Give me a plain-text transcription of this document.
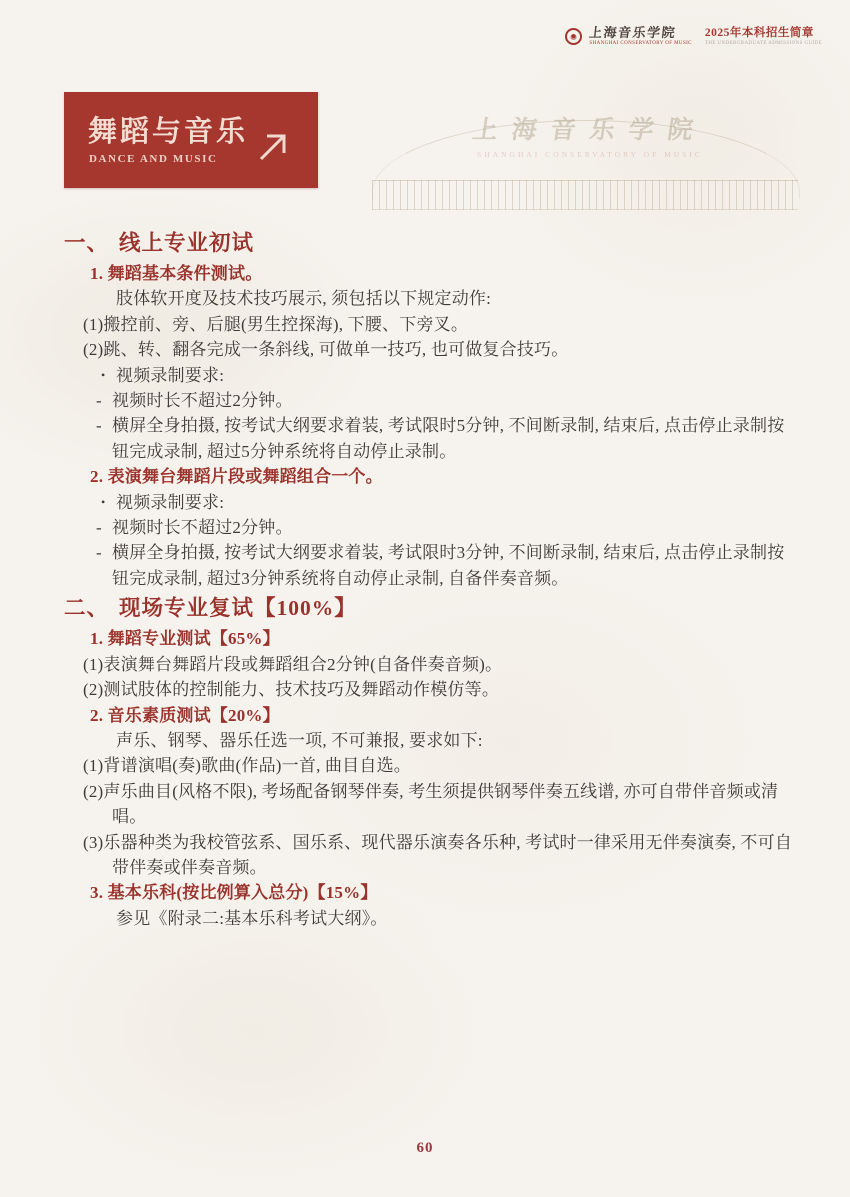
上海音乐学院
SHANGHAI CONSERVATORY OF MUSIC
2025年本科招生简章
THE UNDERGRADUATE ADMISSIONS GUIDE
上海音乐学院
SHANGHAI CONSERVATORY OF MUSIC
舞蹈与音乐
DANCE AND MUSIC
一、 线上专业初试
1. 舞蹈基本条件测试。
肢体软开度及技术技巧展示, 须包括以下规定动作:
(1)搬控前、旁、后腿(男生控探海), 下腰、下旁叉。
(2)跳、转、翻各完成一条斜线, 可做单一技巧, 也可做复合技巧。
• 视频录制要求:
- 视频时长不超过2分钟。
- 横屏全身拍摄, 按考试大纲要求着装, 考试限时5分钟, 不间断录制, 结束后, 点击停止录制按钮完成录制, 超过5分钟系统将自动停止录制。
2. 表演舞台舞蹈片段或舞蹈组合一个。
• 视频录制要求:
- 视频时长不超过2分钟。
- 横屏全身拍摄, 按考试大纲要求着装, 考试限时3分钟, 不间断录制, 结束后, 点击停止录制按钮完成录制, 超过3分钟系统将自动停止录制, 自备伴奏音频。
二、 现场专业复试【100%】
1. 舞蹈专业测试【65%】
(1)表演舞台舞蹈片段或舞蹈组合2分钟(自备伴奏音频)。
(2)测试肢体的控制能力、技术技巧及舞蹈动作模仿等。
2. 音乐素质测试【20%】
声乐、钢琴、器乐任选一项, 不可兼报, 要求如下:
(1)背谱演唱(奏)歌曲(作品)一首, 曲目自选。
(2)声乐曲目(风格不限), 考场配备钢琴伴奏, 考生须提供钢琴伴奏五线谱, 亦可自带伴音频或清唱。
(3)乐器种类为我校管弦系、国乐系、现代器乐演奏各乐种, 考试时一律采用无伴奏演奏, 不可自带伴奏或伴奏音频。
3. 基本乐科(按比例算入总分)【15%】
参见《附录二:基本乐科考试大纲》。
60
